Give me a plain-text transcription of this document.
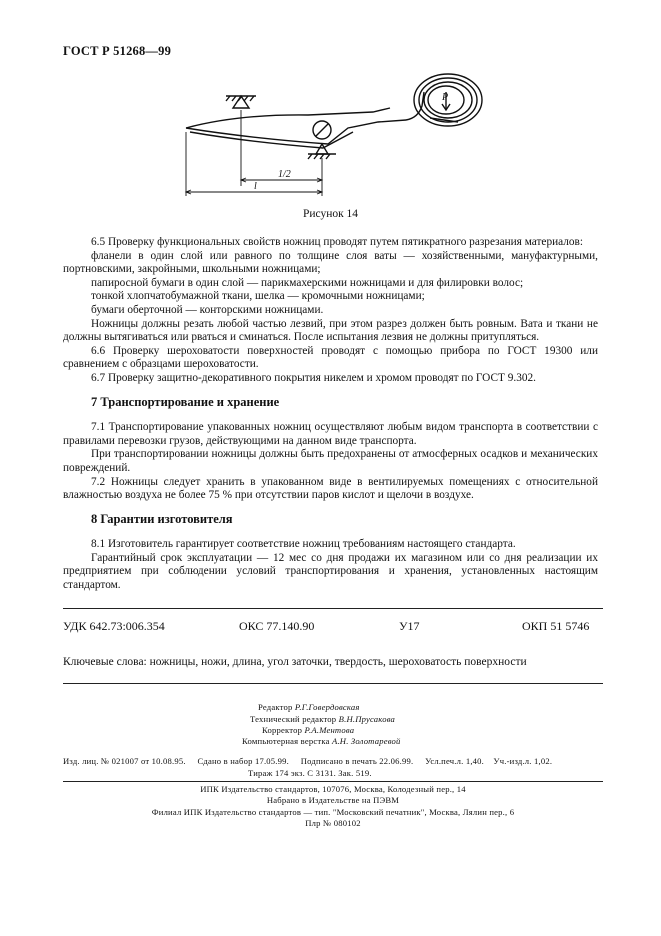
ГОСТ Р 51268—99
P
1/2
l
Рисунок 14

6.5 Проверку функциональных свойств ножниц проводят путем пятикратного разрезания материалов:

фланели в один слой или равного по толщине слоя ваты — хозяйственными, мануфактурными, портновскими, закройными, школьными ножницами;

папиросной бумаги в один слой — парикмахерскими ножницами и для филировки волос;

тонкой хлопчатобумажной ткани, шелка — кромочными ножницами;

бумаги оберточной — конторскими ножницами.

Ножницы должны резать любой частью лезвий, при этом разрез должен быть ровным. Вата и ткани не должны вытягиваться или рваться и сминаться. После испытания лезвия не должны притупляться.

6.6 Проверку шероховатости поверхностей проводят с помощью прибора по ГОСТ 19300 или сравнением с образцами шероховатости.

6.7 Проверку защитно-декоративного покрытия никелем и хромом проводят по ГОСТ 9.302.

7 Транспортирование и хранение

7.1 Транспортирование упакованных ножниц осуществляют любым видом транспорта в соответствии с правилами перевозки грузов, действующими на данном виде транспорта.

При транспортировании ножницы должны быть предохранены от атмосферных осадков и механических повреждений.

7.2 Ножницы следует хранить в упакованном виде в вентилируемых помещениях с относительной влажностью воздуха не более 75 % при отсутствии паров кислот и щелочи в воздухе.

8 Гарантии изготовителя

8.1 Изготовитель гарантирует соответствие ножниц требованиям настоящего стандарта.

Гарантийный срок эксплуатации — 12 мес со дня продажи их магазином или со дня реализации их предприятием при соблюдении условий транспортирования и хранения, установленных настоящим стандартом.

УДК 642.73:006.354	ОКС 77.140.90	У17	ОКП 51 5746
Ключевые слова: ножницы, ножи, длина, угол заточки, твердость, шероховатость поверхности
Редактор Р.Г.Говердовская
Технический редактор В.Н.Прусакова
Корректор Р.А.Ментова
Компьютерная верстка А.Н. Золотаревой
Изд. лиц. № 021007 от 10.08.95. Сдано в набор 17.05.99. Подписано в печать 22.06.99. Усл.печ.л. 1,40. Уч.-изд.л. 1,02.
Тираж 174 экз. С 3131. Зак. 519.
ИПК Издательство стандартов, 107076, Москва, Колодезный пер., 14
Набрано в Издательстве на ПЭВМ
Филиал ИПК Издательство стандартов — тип. "Московский печатник", Москва, Лялин пер., 6
Плр № 080102
